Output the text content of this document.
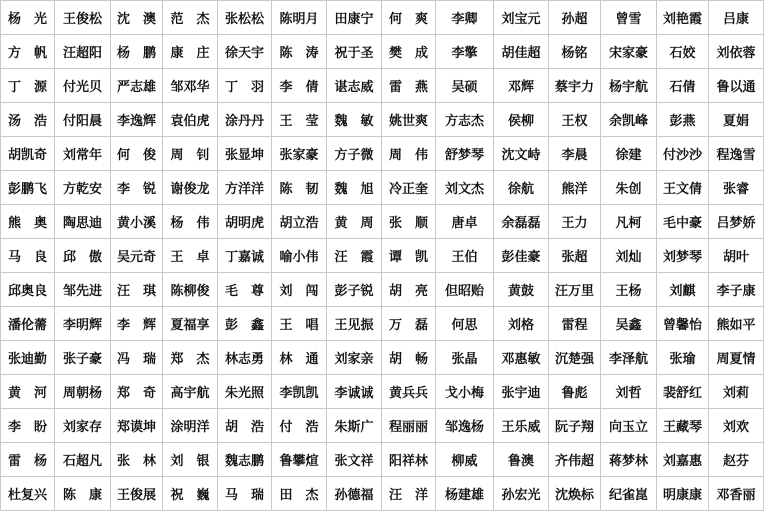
杨　光	王俊松	沈　澳	范　杰	张松松	陈明月	田康宁	何　爽	李卿	刘宝元	孙超	曾雪	刘艳霞	吕康
方　帆	汪超阳	杨　鹏	康　庄	徐天宇	陈　涛	祝于圣	樊　成	李擎	胡佳超	杨铭	宋家豪	石姣	刘依蓉
丁　源	付光贝	严志雄	邹邓华	丁　羽	李　倩	谌志威	雷　燕	吴硕	邓辉	蔡宇力	杨宇航	石倩	鲁以通
汤　浩	付阳晨	李逸辉	袁伯虎	涂丹丹	王　莹	魏　敏	姚世爽	方志杰	侯柳	王权	余凯峰	彭燕	夏娟
胡凯奇	刘常年	何　俊	周　钊	张显坤	张家豪	方子微	周　伟	舒梦琴	沈文峙	李晨	徐建	付沙沙	程逸雪
彭鹏飞	方乾安	李　锐	谢俊龙	方洋洋	陈　韧	魏　旭	冷正奎	刘文杰	徐航	熊洋	朱创	王文倩	张睿
熊　奥	陶思迪	黄小溪	杨　伟	胡明虎	胡立浩	黄　周	张　顺	唐卓	余磊磊	王力	凡柯	毛中豪	吕梦娇
马　良	邱　傲	吴元奇	王　卓	丁嘉诚	喻小伟	汪　霞	谭　凯	王伯	彭佳豪	张超	刘灿	刘梦琴	胡叶
邱奥良	邹先进	汪　琪	陈柳俊	毛　尊	刘　闯	彭子锐	胡　亮	但昭贻	黄鼓	汪万里	王杨	刘麒	李子康
潘伦薷	李明辉	李　辉	夏福享	彭　鑫	王　唱	王见振	万　磊	何思	刘格	雷程	吴鑫	曾馨怡	熊如平
张迪勤	张子豪	冯　瑞	郑　杰	林志勇	林　通	刘家亲	胡　畅	张晶	邓惠敏	沉楚强	李泽航	张瑜	周夏情
黄　河	周朝杨	郑　奇	高宇航	朱光照	李凯凯	李诚诚	黄兵兵	戈小梅	张宇迪	鲁彪	刘哲	裴舒红	刘莉
李　盼	刘家存	郑谟坤	涂明洋	胡　浩	付　浩	朱斯广	程丽丽	邹逸杨	王乐威	阮子翔	向玉立	王藏琴	刘欢
雷　杨	石超凡	张　林	刘　银	魏志鹏	鲁攀煊	张文祥	阳祥林	柳威	鲁澳	齐伟超	蒋梦林	刘嘉惠	赵芬
杜复兴	陈　康	王俊展	祝　巍	马　瑞	田　杰	孙德福	汪　洋	杨建雄	孙宏光	沈焕标	纪雀崑	明康康	邓香丽
